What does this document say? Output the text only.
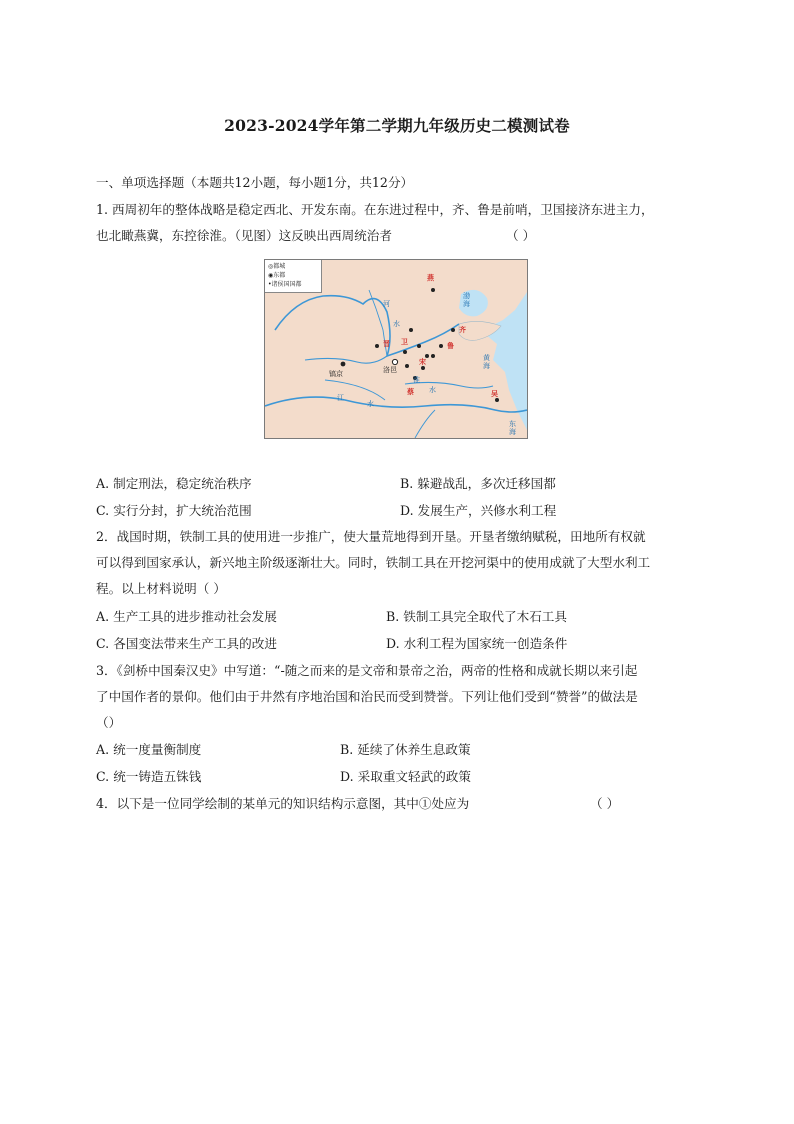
2023-2024学年第二学期九年级历史二模测试卷
一、单项选择题（本题共12小题，每小题1分，共12分）
1. 西周初年的整体战略是稳定西北、开发东南。在东进过程中，齐、鲁是前哨，卫国接济东进主力，
也北瞰燕冀，东控徐淮。（见图）这反映出西周统治者	（ ）
◎都城
◉东都
•诸侯国国都
燕
卫
晋
齐
鲁
宋
吴
蔡
镐京	洛邑
渤海
黄海
东海
河
水
江
水
淮
水
A. 制定刑法，稳定统治秩序	B. 躲避战乱，多次迁移国都
C. 实行分封，扩大统治范围	D. 发展生产，兴修水利工程
2．战国时期，铁制工具的使用进一步推广，使大量荒地得到开垦。开垦者缴纳赋税，田地所有权就
可以得到国家承认，新兴地主阶级逐渐壮大。同时，铁制工具在开挖河渠中的使用成就了大型水利工
程。以上材料说明（ ）
A. 生产工具的进步推动社会发展	B. 铁制工具完全取代了木石工具
C. 各国变法带来生产工具的改进	D. 水利工程为国家统一创造条件
3．《剑桥中国秦汉史》中写道：“-随之而来的是文帝和景帝之治，两帝的性格和成就长期以来引起
了中国作者的景仰。他们由于井然有序地治国和治民而受到赞誉。下列让他们受到“赞誉”的做法是
（）
A. 统一度量衡制度	B. 延续了休养生息政策
C. 统一铸造五铢钱	D. 采取重文轻武的政策
4．以下是一位同学绘制的某单元的知识结构示意图，其中①处应为	（ ）
